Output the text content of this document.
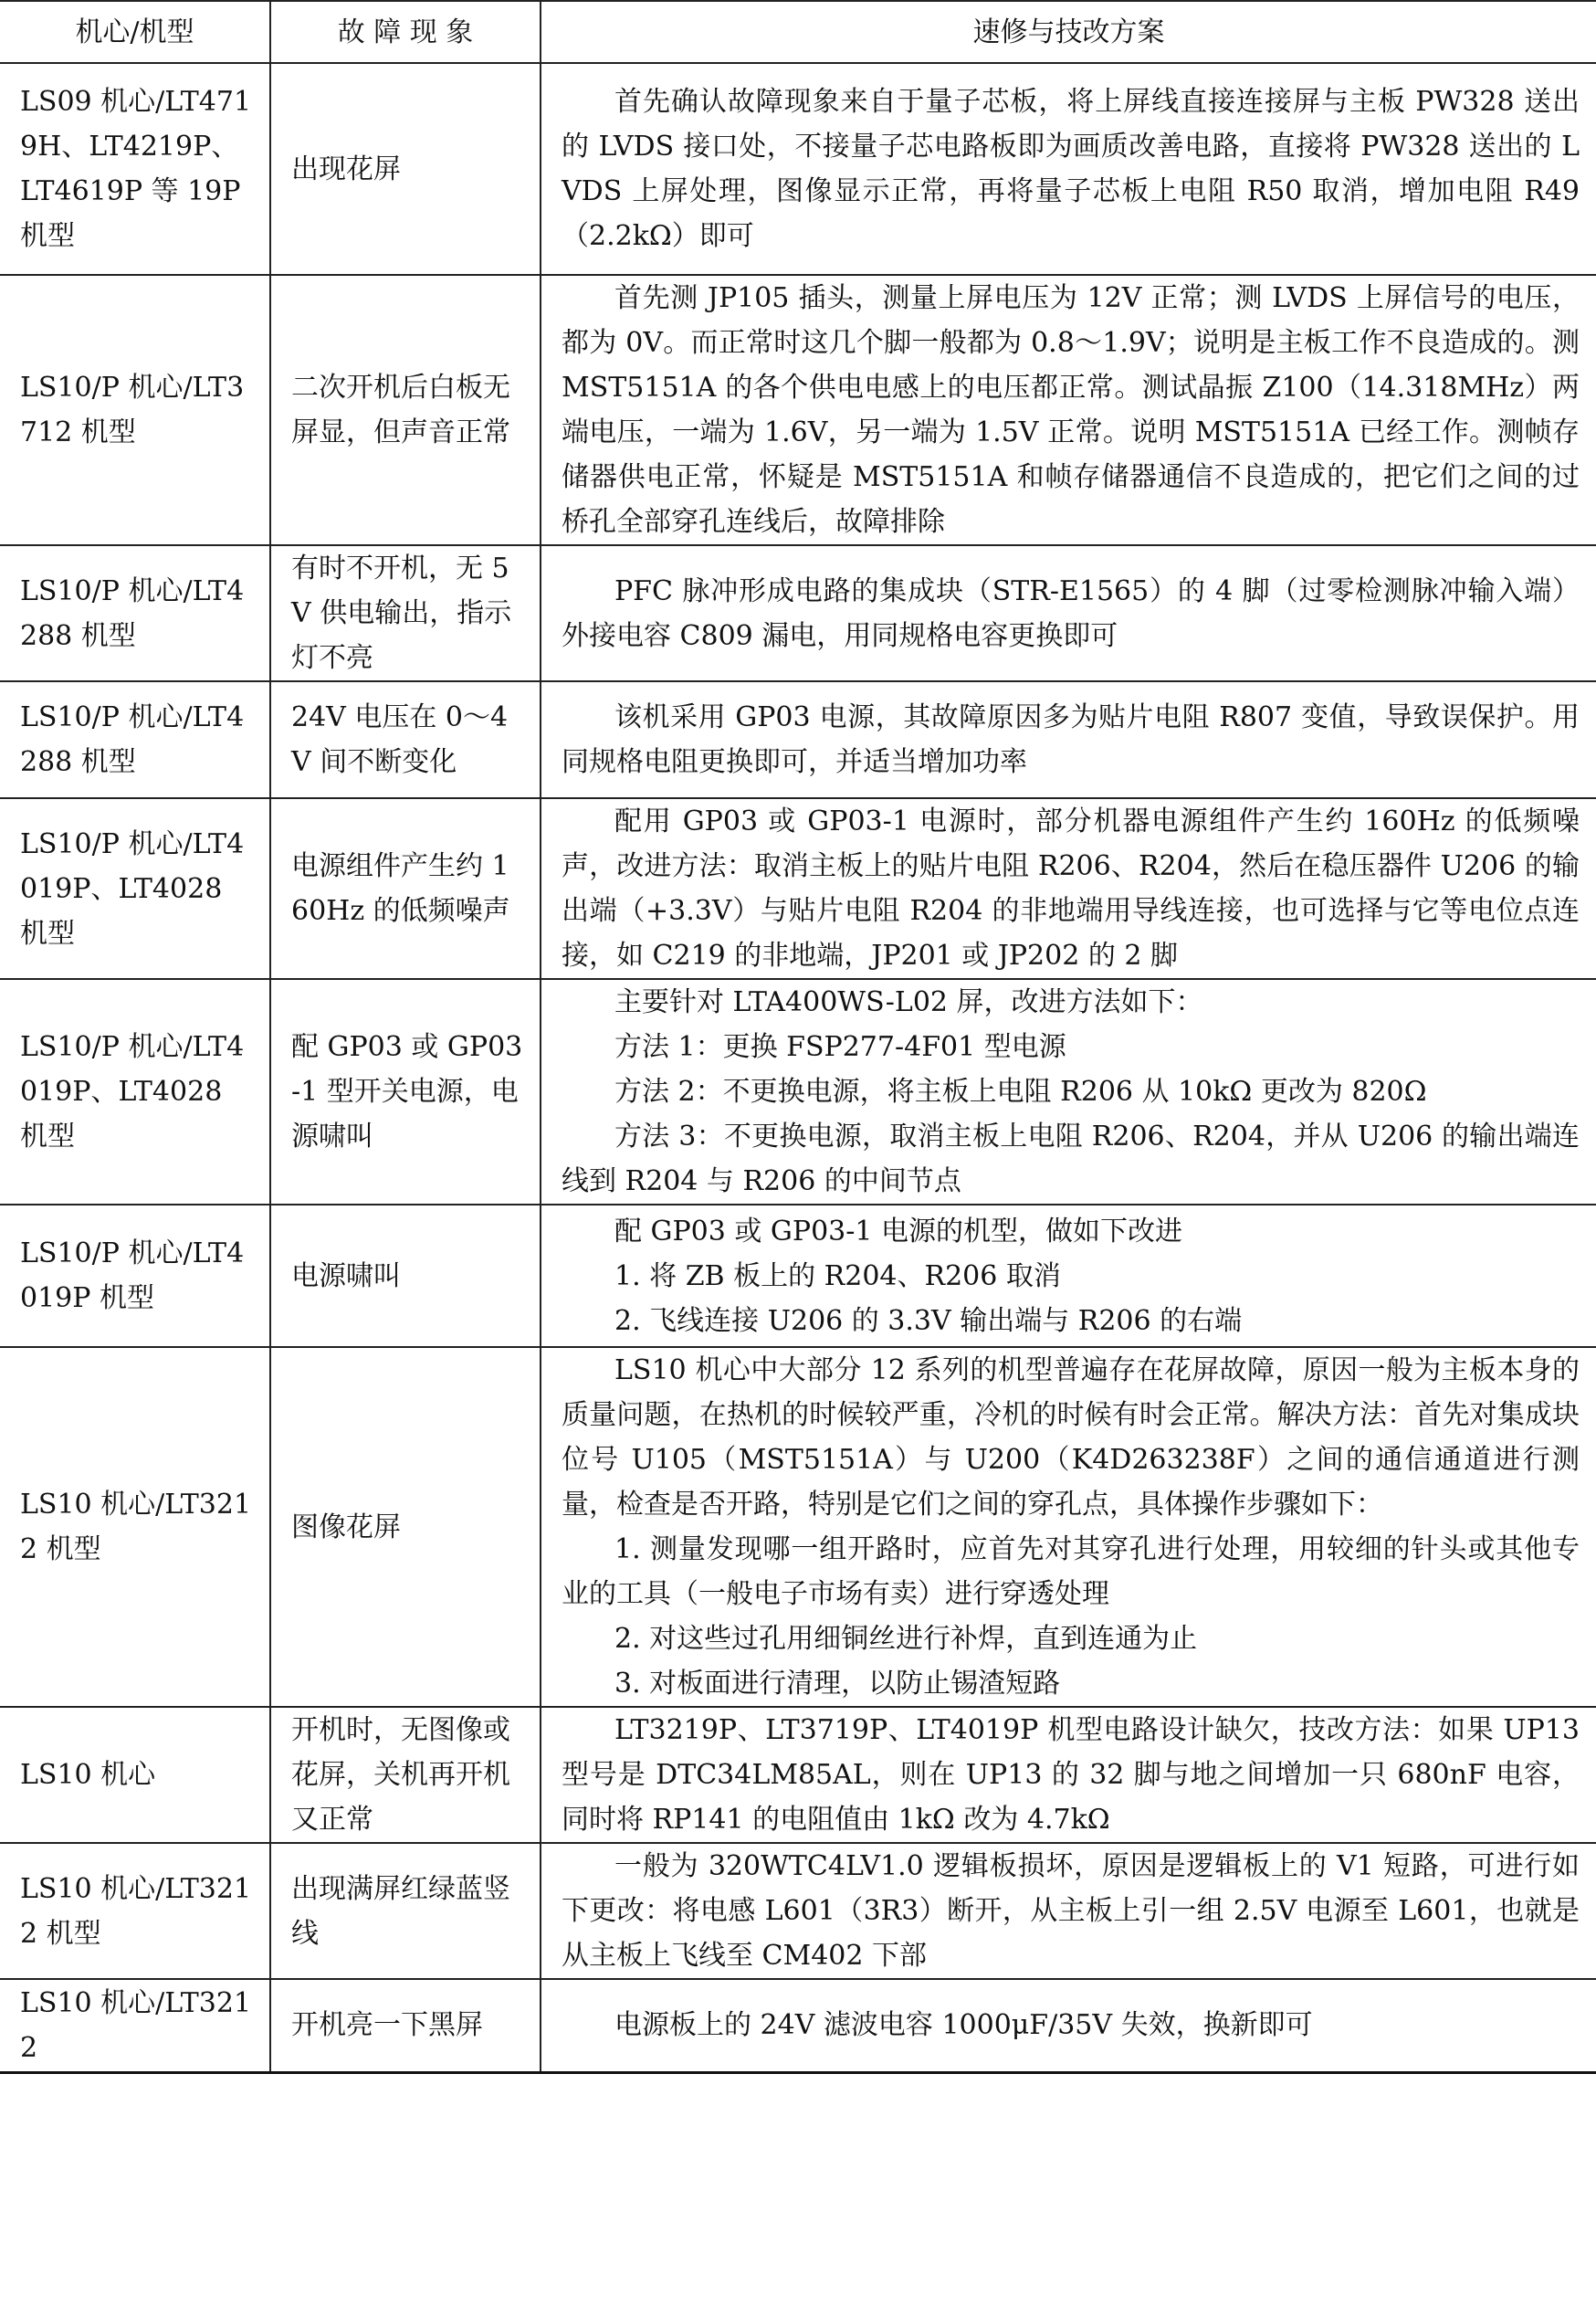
机心/机型	故 障 现 象	速修与技改方案
LS09 机心/LT4719H、LT4219P、LT4619P 等 19P 机型	出现花屏	首先确认故障现象来自于量子芯板，将上屏线直接连接屏与主板 PW328 送出的 LVDS 接口处，不接量子芯电路板即为画质改善电路，直接将 PW328 送出的 LVDS 上屏处理，图像显示正常，再将量子芯板上电阻 R50 取消，增加电阻 R49（2.2kΩ）即可

LS10/P 机心/LT3712 机型	二次开机后白板无屏显，但声音正常	首先测 JP105 插头，测量上屏电压为 12V 正常；测 LVDS 上屏信号的电压，都为 0V。而正常时这几个脚一般都为 0.8～1.9V；说明是主板工作不良造成的。测 MST5151A 的各个供电电感上的电压都正常。测试晶振 Z100（14.318MHz）两端电压，一端为 1.6V，另一端为 1.5V 正常。说明 MST5151A 已经工作。测帧存储器供电正常，怀疑是 MST5151A 和帧存储器通信不良造成的，把它们之间的过桥孔全部穿孔连线后，故障排除

LS10/P 机心/LT4288 机型	有时不开机，无 5V 供电输出，指示灯不亮	PFC 脉冲形成电路的集成块（STR-E1565）的 4 脚（过零检测脉冲输入端）外接电容 C809 漏电，用同规格电容更换即可

LS10/P 机心/LT4288 机型	24V 电压在 0～4V 间不断变化	该机采用 GP03 电源，其故障原因多为贴片电阻 R807 变值，导致误保护。用同规格电阻更换即可，并适当增加功率

LS10/P 机心/LT4019P、LT4028 机型	电源组件产生约 160Hz 的低频噪声	配用 GP03 或 GP03-1 电源时，部分机器电源组件产生约 160Hz 的低频噪声，改进方法：取消主板上的贴片电阻 R206、R204，然后在稳压器件 U206 的输出端（+3.3V）与贴片电阻 R204 的非地端用导线连接，也可选择与它等电位点连接，如 C219 的非地端，JP201 或 JP202 的 2 脚

LS10/P 机心/LT4019P、LT4028 机型	配 GP03 或 GP03-1 型开关电源，电源啸叫	主要针对 LTA400WS-L02 屏，改进方法如下：
方法 1：更换 FSP277-4F01 型电源
方法 2：不更换电源，将主板上电阻 R206 从 10kΩ 更改为 820Ω
方法 3：不更换电源，取消主板上电阻 R206、R204，并从 U206 的输出端连线到 R204 与 R206 的中间节点

LS10/P 机心/LT4019P 机型	电源啸叫	配 GP03 或 GP03-1 电源的机型，做如下改进
1. 将 ZB 板上的 R204、R206 取消
2. 飞线连接 U206 的 3.3V 输出端与 R206 的右端

LS10 机心/LT3212 机型	图像花屏	LS10 机心中大部分 12 系列的机型普遍存在花屏故障，原因一般为主板本身的质量问题，在热机的时候较严重，冷机的时候有时会正常。解决方法：首先对集成块位号 U105（MST5151A）与 U200（K4D263238F）之间的通信通道进行测量，检查是否开路，特别是它们之间的穿孔点，具体操作步骤如下：
1. 测量发现哪一组开路时，应首先对其穿孔进行处理，用较细的针头或其他专业的工具（一般电子市场有卖）进行穿透处理
2. 对这些过孔用细铜丝进行补焊，直到连通为止
3. 对板面进行清理，以防止锡渣短路

LS10 机心	开机时，无图像或花屏，关机再开机又正常	LT3219P、LT3719P、LT4019P 机型电路设计缺欠，技改方法：如果 UP13 型号是 DTC34LM85AL，则在 UP13 的 32 脚与地之间增加一只 680nF 电容，同时将 RP141 的电阻值由 1kΩ 改为 4.7kΩ

LS10 机心/LT3212 机型	出现满屏红绿蓝竖线	一般为 320WTC4LV1.0 逻辑板损坏，原因是逻辑板上的 V1 短路，可进行如下更改：将电感 L601（3R3）断开，从主板上引一组 2.5V 电源至 L601，也就是从主板上飞线至 CM402 下部

LS10 机心/LT3212	开机亮一下黑屏	电源板上的 24V 滤波电容 1000μF/35V 失效，换新即可
